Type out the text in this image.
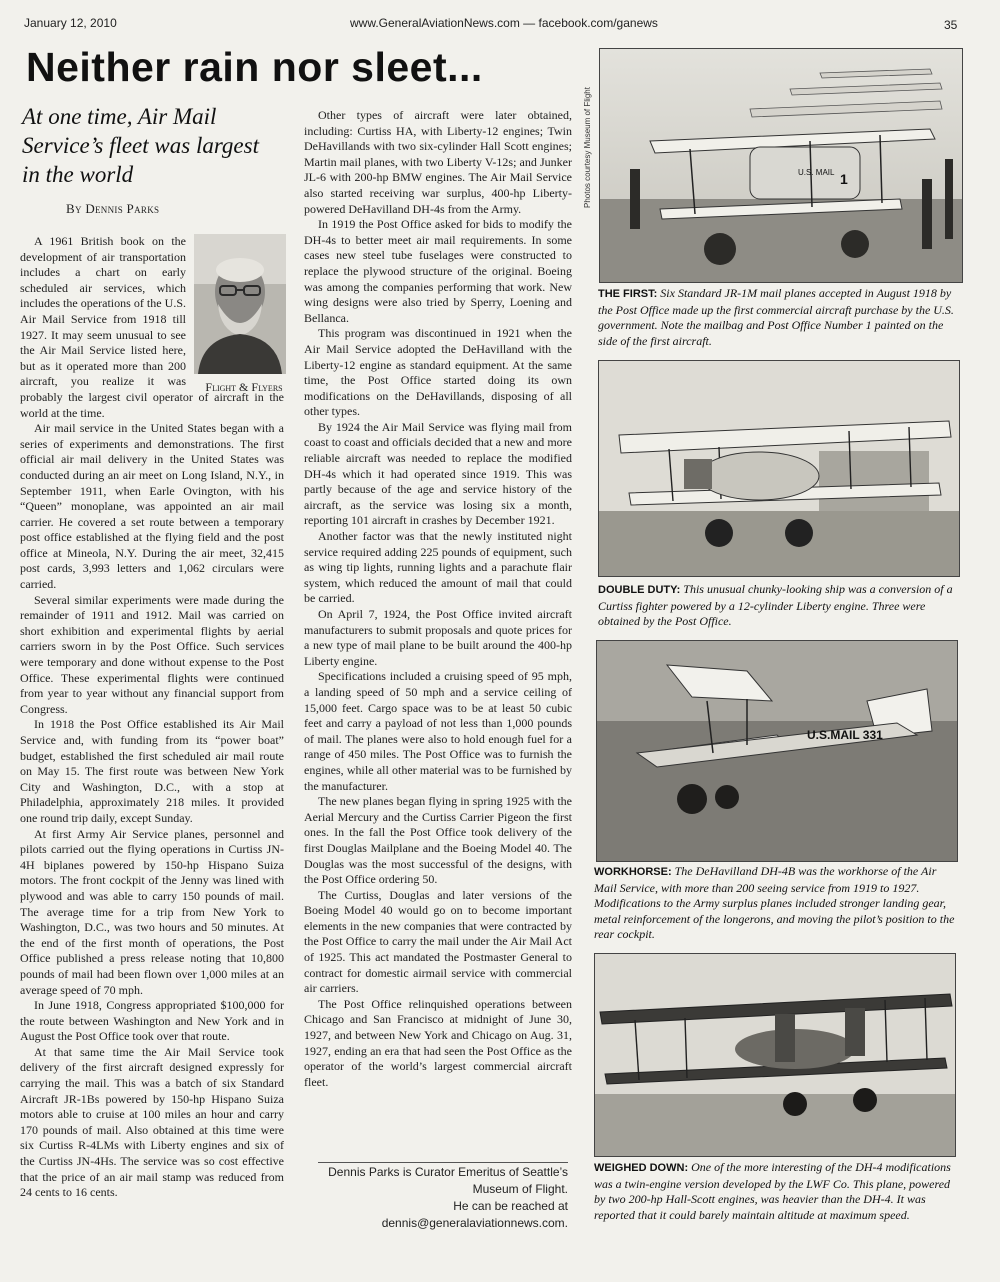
January 12, 2010	www.GeneralAviationNews.com — facebook.com/ganews	35
Neither rain nor sleet...
At one time, Air Mail Service’s fleet was largest in the world
By Dennis Parks
Flight & Flyers

A 1961 British book on the development of air transportation includes a chart on early scheduled air services, which includes the operations of the U.S. Air Mail Service from 1918 till 1927. It may seem unusual to see the Air Mail Service listed here, but as it operated more than 200 aircraft, you realize it was probably the largest civil operator of aircraft in the world at the time.

Air mail service in the United States began with a series of experiments and demonstrations. The first official air mail delivery in the United States was conducted during an air meet on Long Island, N.Y., in September 1911, when Earle Ovington, with his “Queen” monoplane, was appointed an air mail carrier. He covered a set route between a temporary post office established at the flying field and the post office at Mineola, N.Y. During the air meet, 32,415 post cards, 3,993 letters and 1,062 circulars were carried.

Several similar experiments were made during the remainder of 1911 and 1912. Mail was carried on short exhibition and experimental flights by aerial carriers sworn in by the Post Office. Such services were temporary and done without expense to the Post Office. These experimental flights were continued from year to year without any financial support from Congress.

In 1918 the Post Office established its Air Mail Service and, with funding from its “power boat” budget, established the first scheduled air mail route on May 15. The first route was between New York City and Washington, D.C., with a stop at Philadelphia, approximately 218 miles. It provided one round trip daily, except Sunday.

At first Army Air Service planes, personnel and pilots carried out the flying operations in Curtiss JN-4H biplanes powered by 150-hp Hispano Suiza motors. The front cockpit of the Jenny was lined with plywood and was able to carry 150 pounds of mail. The average time for a trip from New York to Washington, D.C., was two hours and 50 minutes. At the end of the first month of operations, the Post Office published a press release noting that 10,800 pounds of mail had been flown over 1,000 miles at an average speed of 70 mph.

In June 1918, Congress appropriated $100,000 for the route between Washington and New York and in August the Post Office took over that route.

At that same time the Air Mail Service took delivery of the first aircraft designed expressly for carrying the mail. This was a batch of six Standard Aircraft JR-1Bs powered by 150-hp Hispano Suiza motors able to cruise at 100 miles an hour and carry 170 pounds of mail. Also obtained at this time were six Curtiss R-4LMs with Liberty engines and six of the Curtiss JN-4Hs. The service was so cost effective that the price of an air mail stamp was reduced from 24 cents to 16 cents.

Other types of aircraft were later obtained, including: Curtiss HA, with Liberty-12 engines; Twin DeHavillands with two six-cylinder Hall Scott engines; Martin mail planes, with two Liberty V-12s; and Junker JL-6 with 200-hp BMW engines. The Air Mail Service also started receiving war surplus, 400-hp Liberty-powered DeHavilland DH-4s from the Army.

In 1919 the Post Office asked for bids to modify the DH-4s to better meet air mail requirements. In some cases new steel tube fuselages were constructed to replace the plywood structure of the original. Boeing was among the companies performing that work. New wing designs were also tried by Sperry, Loening and Bellanca.

This program was discontinued in 1921 when the Air Mail Service adopted the DeHavilland with the Liberty-12 engine as standard equipment. At the same time, the Post Office started doing its own modifications on the DeHavillands, disposing of all other types.

By 1924 the Air Mail Service was flying mail from coast to coast and officials decided that a new and more reliable aircraft was needed to replace the modified DH-4s which it had operated since 1919. This was partly because of the age and service history of the aircraft, as the service was losing six a month, reporting 101 aircraft in crashes by December 1921.

Another factor was that the newly instituted night service required adding 225 pounds of equipment, such as wing tip lights, running lights and a parachute flair system, which reduced the amount of mail that could be carried.

On April 7, 1924, the Post Office invited aircraft manufacturers to submit proposals and quote prices for a new type of mail plane to be built around the 400-hp Liberty engine.

Specifications included a cruising speed of 95 mph, a landing speed of 50 mph and a service ceiling of 15,000 feet. Cargo space was to be at least 50 cubic feet and carry a payload of not less than 1,000 pounds of mail. The planes were also to hold enough fuel for a range of 450 miles. The Post Office was to furnish the engines, while all other material was to be furnished by the manufacturer.

The new planes began flying in spring 1925 with the Aerial Mercury and the Curtiss Carrier Pigeon the first ones. In the fall the Post Office took delivery of the first Douglas Mailplane and the Boeing Model 40. The Douglas was the most successful of the designs, with the Post Office ordering 50.

The Curtiss, Douglas and later versions of the Boeing Model 40 would go on to become important elements in the new companies that were contracted by the Post Office to carry the mail under the Air Mail Act of 1925. This act mandated the Postmaster General to contract for domestic airmail service with commercial air carriers.

The Post Office relinquished operations between Chicago and San Francisco at midnight of June 30, 1927, and between New York and Chicago on Aug. 31, 1927, ending an era that had seen the Post Office as the operator of the world’s largest commercial aircraft fleet.

Dennis Parks is Curator Emeritus of Seattle’s
Museum of Flight.
He can be reached at
dennis@generalaviationnews.com.
Photos courtesy Museum of Flight	U.S. MAIL 1
THE FIRST: Six Standard JR-1M mail planes accepted in August 1918 by the Post Office made up the first commercial aircraft purchase by the U.S. government. Note the mailbag and Post Office Number 1 painted on the side of the first aircraft.
DOUBLE DUTY: This unusual chunky-looking ship was a conversion of a Curtiss fighter powered by a 12-cylinder Liberty engine. Three were obtained by the Post Office.
U.S.MAIL 331
WORKHORSE: The DeHavilland DH-4B was the workhorse of the Air Mail Service, with more than 200 seeing service from 1919 to 1927. Modifications to the Army surplus planes included stronger landing gear, metal reinforcement of the longerons, and moving the pilot’s position to the rear cockpit.
WEIGHED DOWN: One of the more interesting of the DH-4 modifications was a twin-engine version developed by the LWF Co. This plane, powered by two 200-hp Hall-Scott engines, was heavier than the DH-4. It was reported that it could barely maintain altitude at maximum speed.
